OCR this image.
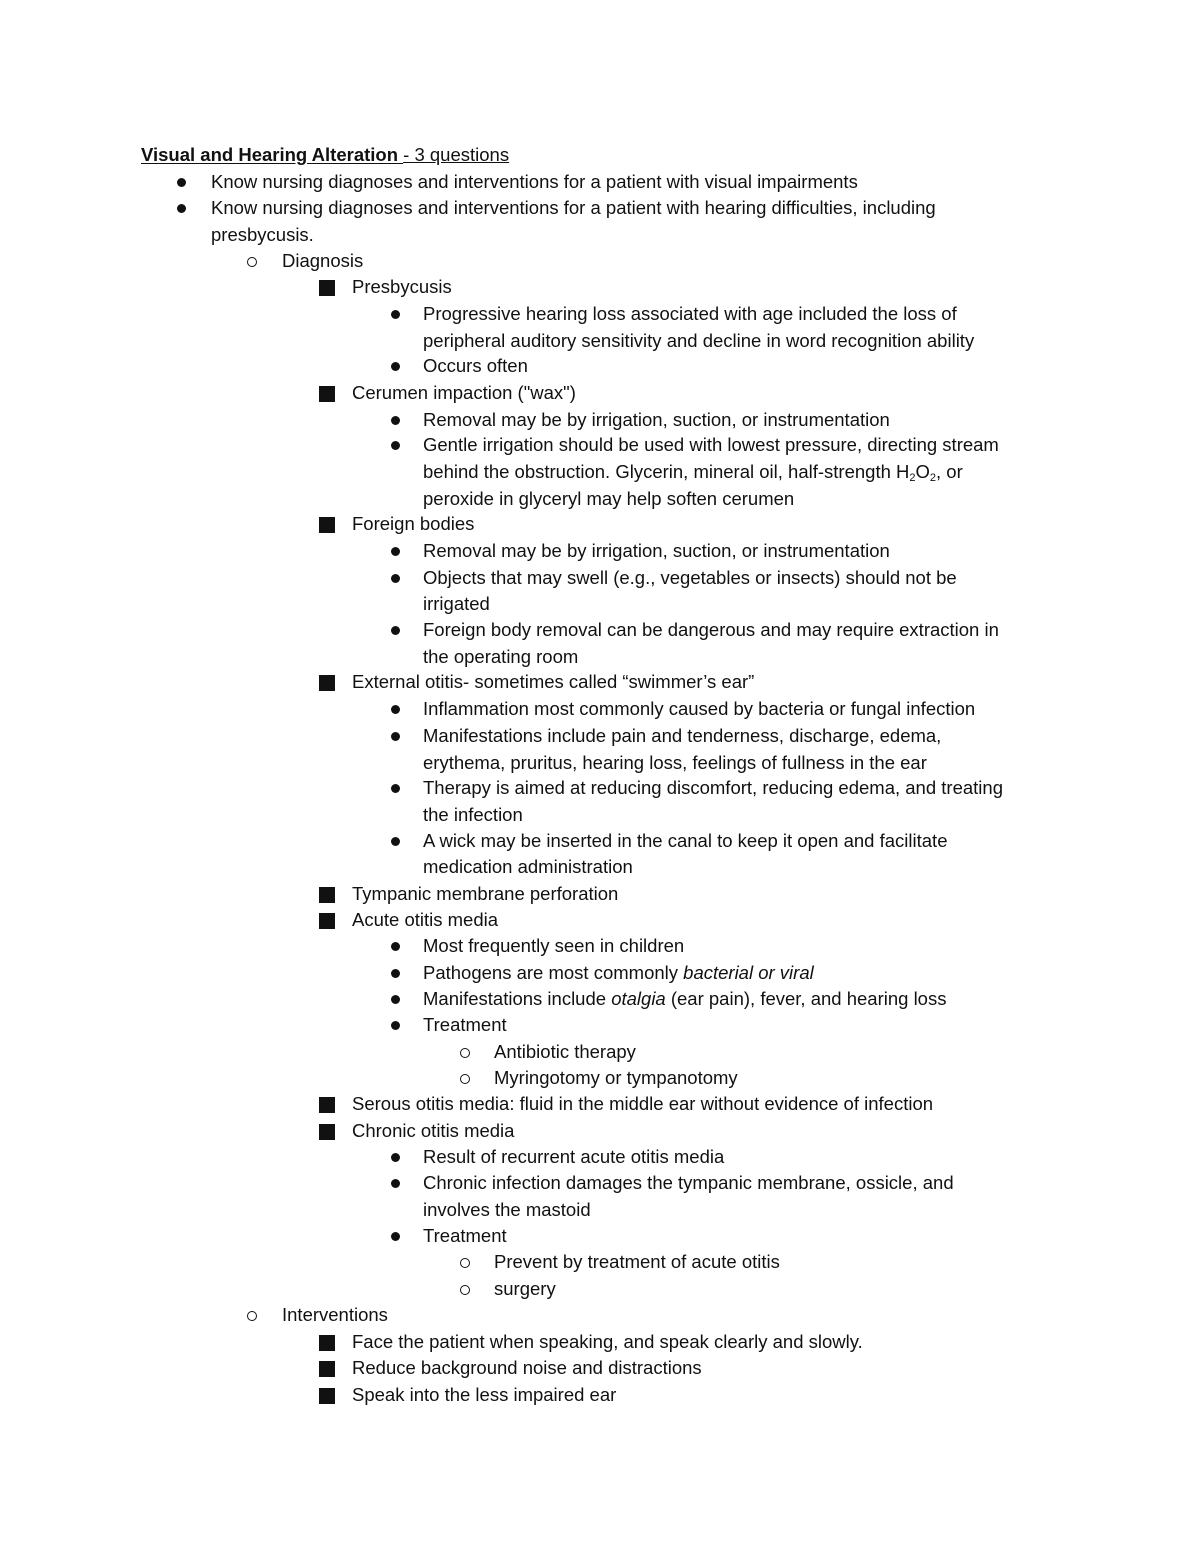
Visual and Hearing Alteration - 3 questions
Know nursing diagnoses and interventions for a patient with visual impairments
Know nursing diagnoses and interventions for a patient with hearing difficulties, including
presbycusis.
Diagnosis
Presbycusis
Progressive hearing loss associated with age included the loss of
peripheral auditory sensitivity and decline in word recognition ability
Occurs often
Cerumen impaction ("wax")
Removal may be by irrigation, suction, or instrumentation
Gentle irrigation should be used with lowest pressure, directing stream
behind the obstruction. Glycerin, mineral oil, half-strength $H_2O_2$, or
peroxide in glyceryl may help soften cerumen
Foreign bodies
Removal may be by irrigation, suction, or instrumentation
Objects that may swell (e.g., vegetables or insects) should not be
irrigated
Foreign body removal can be dangerous and may require extraction in
the operating room
External otitis- sometimes called “swimmer’s ear”
Inflammation most commonly caused by bacteria or fungal infection
Manifestations include pain and tenderness, discharge, edema,
erythema, pruritus, hearing loss, feelings of fullness in the ear
Therapy is aimed at reducing discomfort, reducing edema, and treating
the infection
A wick may be inserted in the canal to keep it open and facilitate
medication administration
Tympanic membrane perforation
Acute otitis media
Most frequently seen in children
Pathogens are most commonly bacterial or viral
Manifestations include otalgia (ear pain), fever, and hearing loss
Treatment
Antibiotic therapy
Myringotomy or tympanotomy
Serous otitis media: fluid in the middle ear without evidence of infection
Chronic otitis media
Result of recurrent acute otitis media
Chronic infection damages the tympanic membrane, ossicle, and
involves the mastoid
Treatment
Prevent by treatment of acute otitis
surgery
Interventions
Face the patient when speaking, and speak clearly and slowly.
Reduce background noise and distractions
Speak into the less impaired ear
